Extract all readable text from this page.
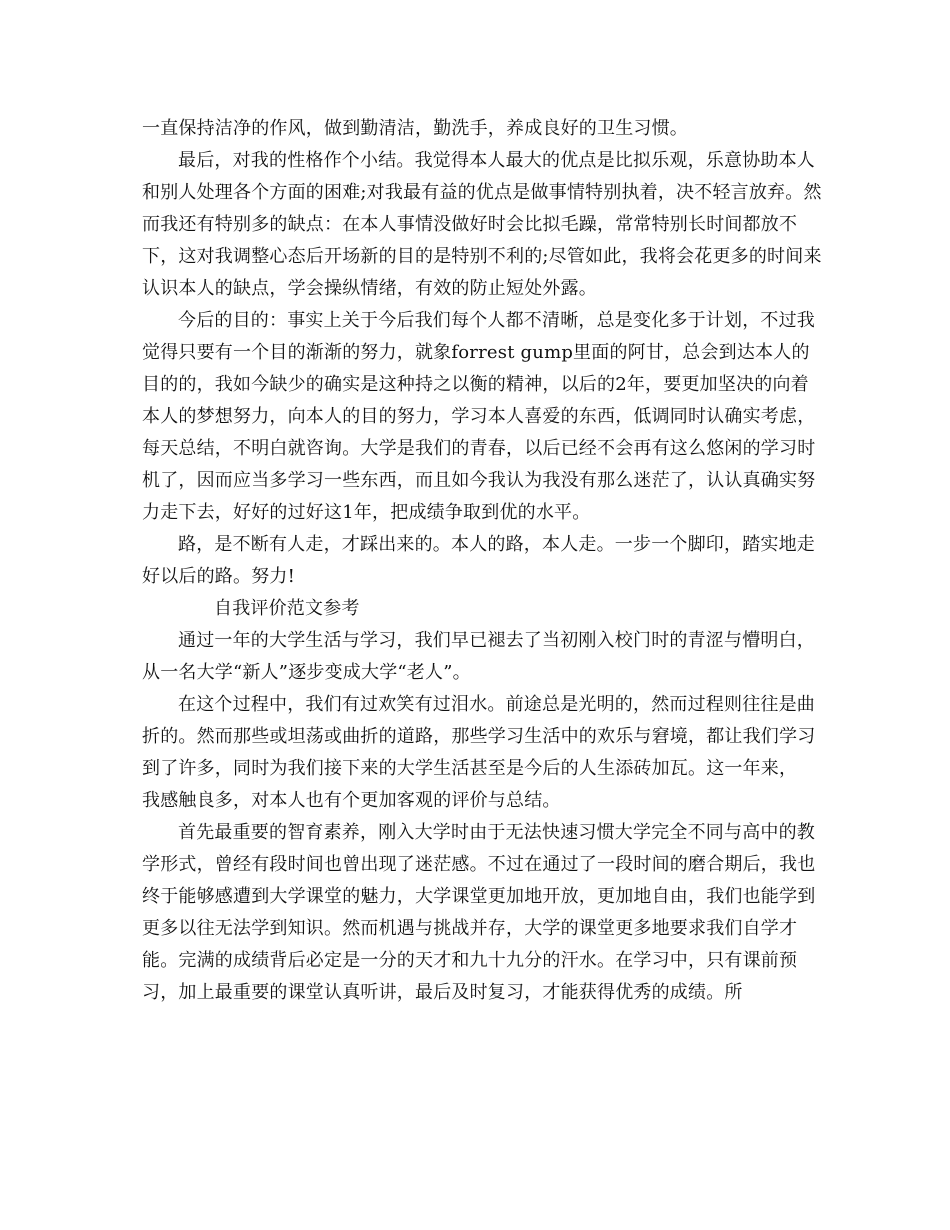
一直保持洁净的作风，做到勤清洁，勤洗手，养成良好的卫生习惯。

最后，对我的性格作个小结。我觉得本人最大的优点是比拟乐观，乐意协助本人和别人处理各个方面的困难;对我最有益的优点是做事情特别执着，决不轻言放弃。然而我还有特别多的缺点：在本人事情没做好时会比拟毛躁，常常特别长时间都放不下，这对我调整心态后开场新的目的是特别不利的;尽管如此，我将会花更多的时间来认识本人的缺点，学会操纵情绪，有效的防止短处外露。

今后的目的：事实上关于今后我们每个人都不清晰，总是变化多于计划，不过我觉得只要有一个目的渐渐的努力，就象forrest gump里面的阿甘，总会到达本人的目的的，我如今缺少的确实是这种持之以衡的精神，以后的2年，要更加坚决的向着本人的梦想努力，向本人的目的努力，学习本人喜爱的东西，低调同时认确实考虑，每天总结，不明白就咨询。大学是我们的青春，以后已经不会再有这么悠闲的学习时机了，因而应当多学习一些东西，而且如今我认为我没有那么迷茫了，认认真确实努力走下去，好好的过好这1年，把成绩争取到优的水平。

路，是不断有人走，才踩出来的。本人的路，本人走。一步一个脚印，踏实地走好以后的路。努力!

自我评价范文参考

通过一年的大学生活与学习，我们早已褪去了当初刚入校门时的青涩与懵明白，从一名大学“新人”逐步变成大学“老人”。

在这个过程中，我们有过欢笑有过泪水。前途总是光明的，然而过程则往往是曲折的。然而那些或坦荡或曲折的道路，那些学习生活中的欢乐与窘境，都让我们学习到了许多，同时为我们接下来的大学生活甚至是今后的人生添砖加瓦。这一年来，　我感触良多，对本人也有个更加客观的评价与总结。

首先最重要的智育素养，刚入大学时由于无法快速习惯大学完全不同与高中的教学形式，曾经有段时间也曾出现了迷茫感。不过在通过了一段时间的磨合期后，我也终于能够感遭到大学课堂的魅力，大学课堂更加地开放，更加地自由，我们也能学到更多以往无法学到知识。然而机遇与挑战并存，大学的课堂更多地要求我们自学才能。完满的成绩背后必定是一分的天才和九十九分的汗水。在学习中，只有课前预习，加上最重要的课堂认真听讲，最后及时复习，才能获得优秀的成绩。所
